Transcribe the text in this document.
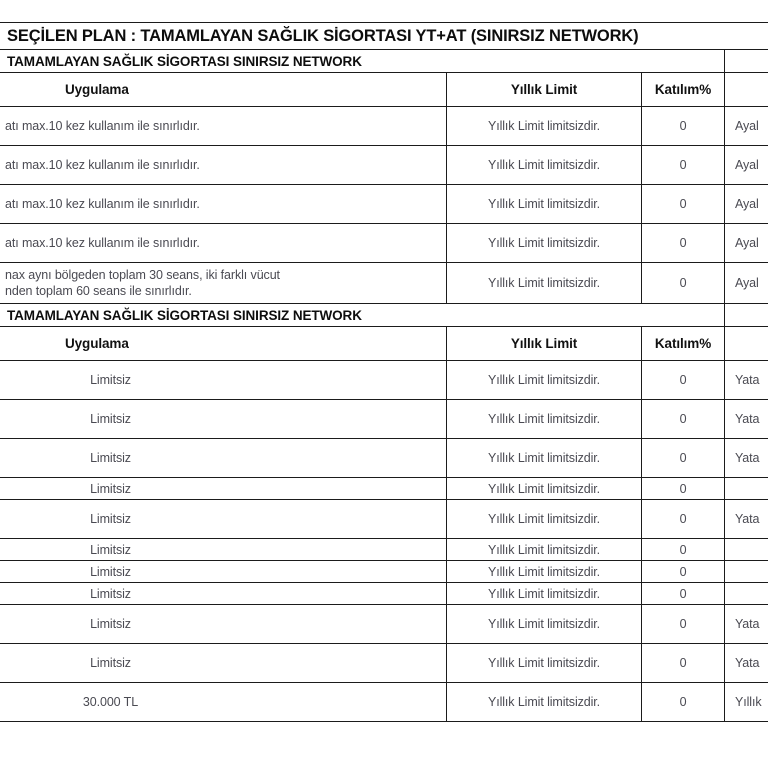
SEÇİLEN PLAN : TAMAMLAYAN SAĞLIK SİGORTASI YT+AT (SINIRSIZ NETWORK)			

TAMAMLAYAN SAĞLIK SİGORTASI SINIRSIZ NETWORK			

Uygulama	Yıllık Limit	Katılım%	

atı max.10 kez kullanım ile sınırlıdır.	Yıllık Limit limitsizdir.	0	Ayal

atı max.10 kez kullanım ile sınırlıdır.	Yıllık Limit limitsizdir.	0	Ayal

atı max.10 kez kullanım ile sınırlıdır.	Yıllık Limit limitsizdir.	0	Ayal

atı max.10 kez kullanım ile sınırlıdır.	Yıllık Limit limitsizdir.	0	Ayal

nax aynı bölgeden toplam 30 seans, iki farklı vücut
nden toplam 60 seans ile sınırlıdır.	Yıllık Limit limitsizdir.	0	Ayal

TAMAMLAYAN SAĞLIK SİGORTASI SINIRSIZ NETWORK			

Uygulama	Yıllık Limit	Katılım%	

Limitsiz	Yıllık Limit limitsizdir.	0	Yata

Limitsiz	Yıllık Limit limitsizdir.	0	Yata

Limitsiz	Yıllık Limit limitsizdir.	0	Yata

Limitsiz	Yıllık Limit limitsizdir.	0	

Limitsiz	Yıllık Limit limitsizdir.	0	Yata

Limitsiz	Yıllık Limit limitsizdir.	0	

Limitsiz	Yıllık Limit limitsizdir.	0	

Limitsiz	Yıllık Limit limitsizdir.	0	

Limitsiz	Yıllık Limit limitsizdir.	0	Yata

Limitsiz	Yıllık Limit limitsizdir.	0	Yata

30.000 TL	Yıllık Limit limitsizdir.	0	Yıllık
